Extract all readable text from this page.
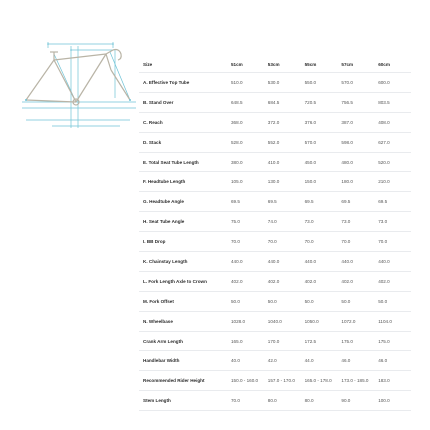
Size	51cm	53cm	55cm	57cm	60cm
A. Effective Top Tube	510.0	530.0	550.0	570.0	600.0
B. Stand Over	648.5	684.5	720.5	756.5	803.5
C. Reach	368.0	372.0	376.0	387.0	408.0
D. Stack	528.0	552.0	570.0	598.0	627.0
E. Total Seat Tube Length	380.0	410.0	450.0	480.0	520.0
F. Headtube Length	105.0	130.0	150.0	180.0	210.0
G. Headtube Angle	69.5	69.5	69.5	69.5	69.5
H. Seat Tube Angle	75.0	74.0	73.0	73.0	73.0
I. BB Drop	70.0	70.0	70.0	70.0	70.0
K. Chainstay Length	440.0	440.0	440.0	440.0	440.0
L. Fork Length Axle to Crown	402.0	402.0	402.0	402.0	402.0
M. Fork Offset	50.0	50.0	50.0	50.0	50.0
N. Wheelbase	1028.0	1040.0	1050.0	1072.0	1104.0
Crank Arm Length	165.0	170.0	172.5	175.0	175.0
Handlebar Width	40.0	42.0	44.0	46.0	46.0
Recommended Rider Height	150.0 - 160.0	157.0 - 170.0	165.0 - 178.0	173.0 - 185.0	183.0
Stem Length	70.0	80.0	80.0	90.0	100.0
